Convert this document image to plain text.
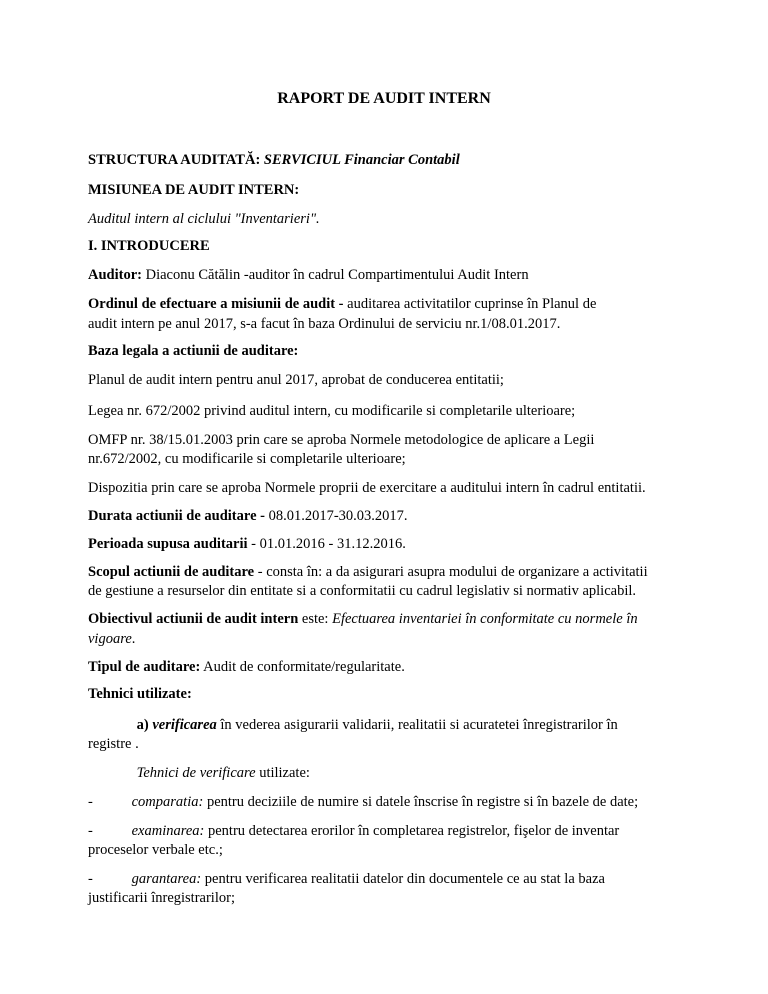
RAPORT DE AUDIT INTERN
STRUCTURA AUDITATĂ: SERVICIUL Financiar Contabil
MISIUNEA DE AUDIT INTERN:
Auditul intern al ciclului "Inventarieri".
I. INTRODUCERE
Auditor: Diaconu Cătălin -auditor în cadrul Compartimentului Audit Intern
Ordinul de efectuare a misiunii de audit - auditarea activitatilor cuprinse în Planul de
audit intern pe anul 2017, s-a facut în baza Ordinului de serviciu nr.1/08.01.2017.
Baza legala a actiunii de auditare:
Planul de audit intern pentru anul 2017, aprobat de conducerea entitatii;
Legea nr. 672/2002 privind auditul intern, cu modificarile si completarile ulterioare;
OMFP nr. 38/15.01.2003 prin care se aproba Normele metodologice de aplicare a Legii
nr.672/2002, cu modificarile si completarile ulterioare;
Dispozitia prin care se aproba Normele proprii de exercitare a auditului intern în cadrul entitatii.
Durata actiunii de auditare - 08.01.2017-30.03.2017.
Perioada supusa auditarii - 01.01.2016 - 31.12.2016.
Scopul actiunii de auditare - consta în: a da asigurari asupra modului de organizare a activitatii
de gestiune a resurselor din entitate si a conformitatii cu cadrul legislativ si normativ aplicabil.
Obiectivul actiunii de audit intern este: Efectuarea inventariei în conformitate cu normele în
vigoare.
Tipul de auditare: Audit de conformitate/regularitate.
Tehnici utilizate:
a) verificarea în vederea asigurarii validarii, realitatii si acuratetei înregistrarilor în
registre .
Tehnici de verificare utilizate:
-	comparatia: pentru deciziile de numire si datele înscrise în registre si în bazele de date;
-	examinarea: pentru detectarea erorilor în completarea registrelor, fişelor de inventar
proceselor verbale etc.;
-	garantarea: pentru verificarea realitatii datelor din documentele ce au stat la baza
justificarii înregistrarilor;
